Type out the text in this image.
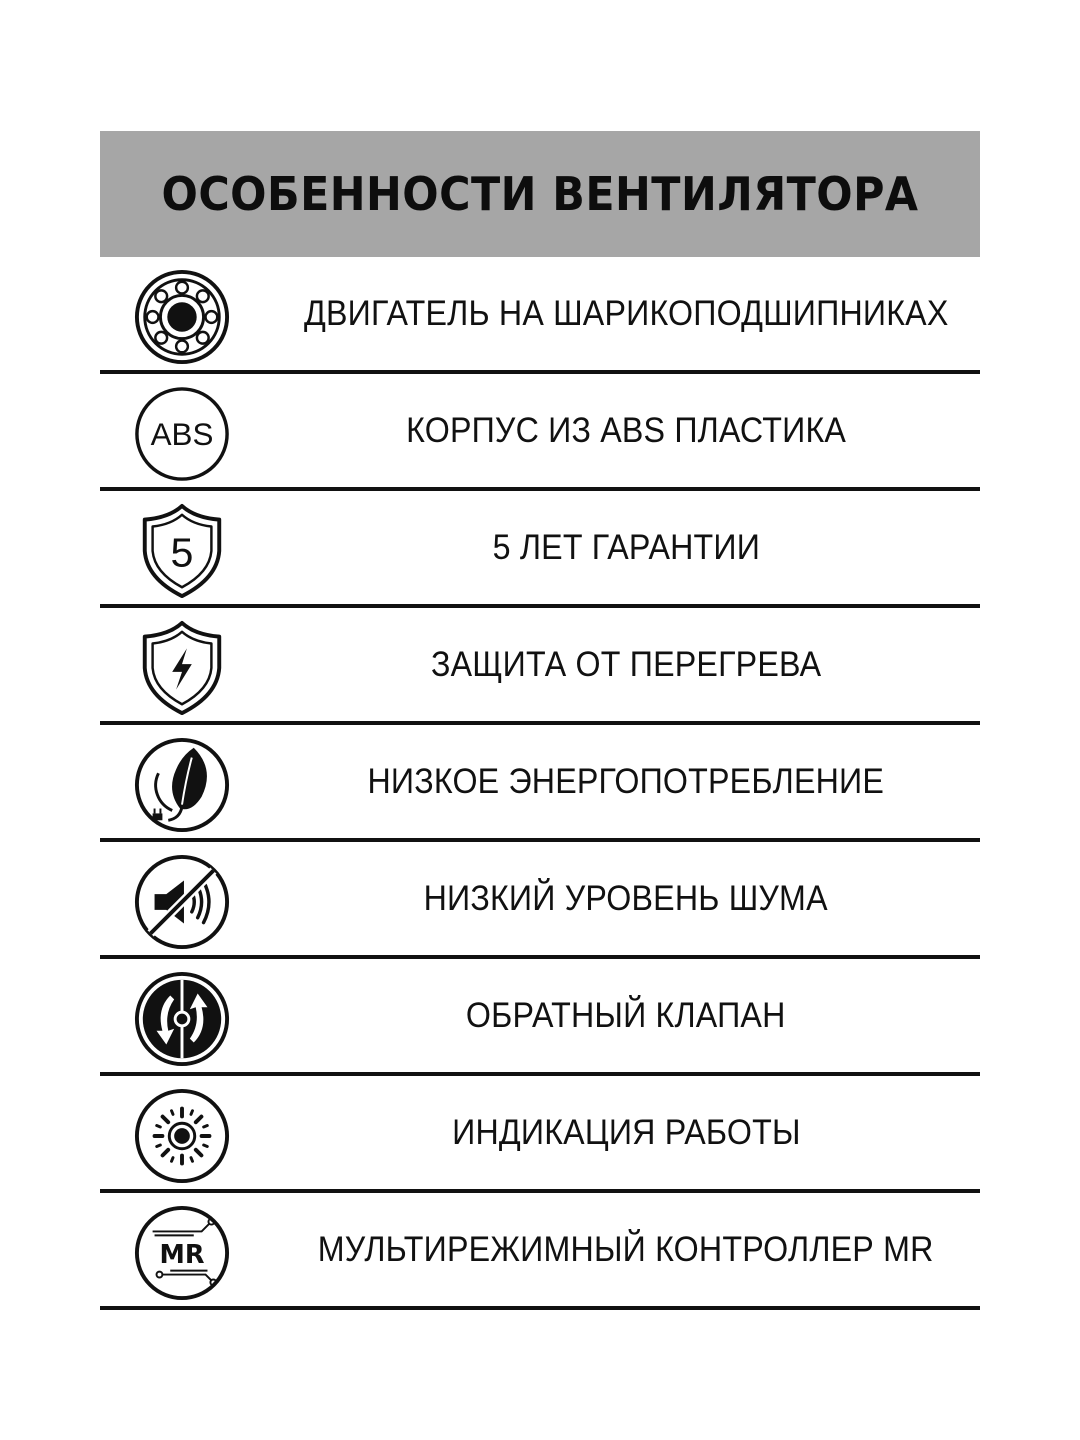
ОСОБЕННОСТИ ВЕНТИЛЯТОРА
ДВИГАТЕЛЬ НА ШАРИКОПОДШИПНИКАХ
ABS	КОРПУС ИЗ ABS ПЛАСТИКА
5	5 ЛЕТ ГАРАНТИИ
ЗАЩИТА ОТ ПЕРЕГРЕВА
НИЗКОЕ ЭНЕРГОПОТРЕБЛЕНИЕ
НИЗКИЙ УРОВЕНЬ ШУМА
ОБРАТНЫЙ КЛАПАН
ИНДИКАЦИЯ РАБОТЫ
MR	МУЛЬТИРЕЖИМНЫЙ КОНТРОЛЛЕР MR
